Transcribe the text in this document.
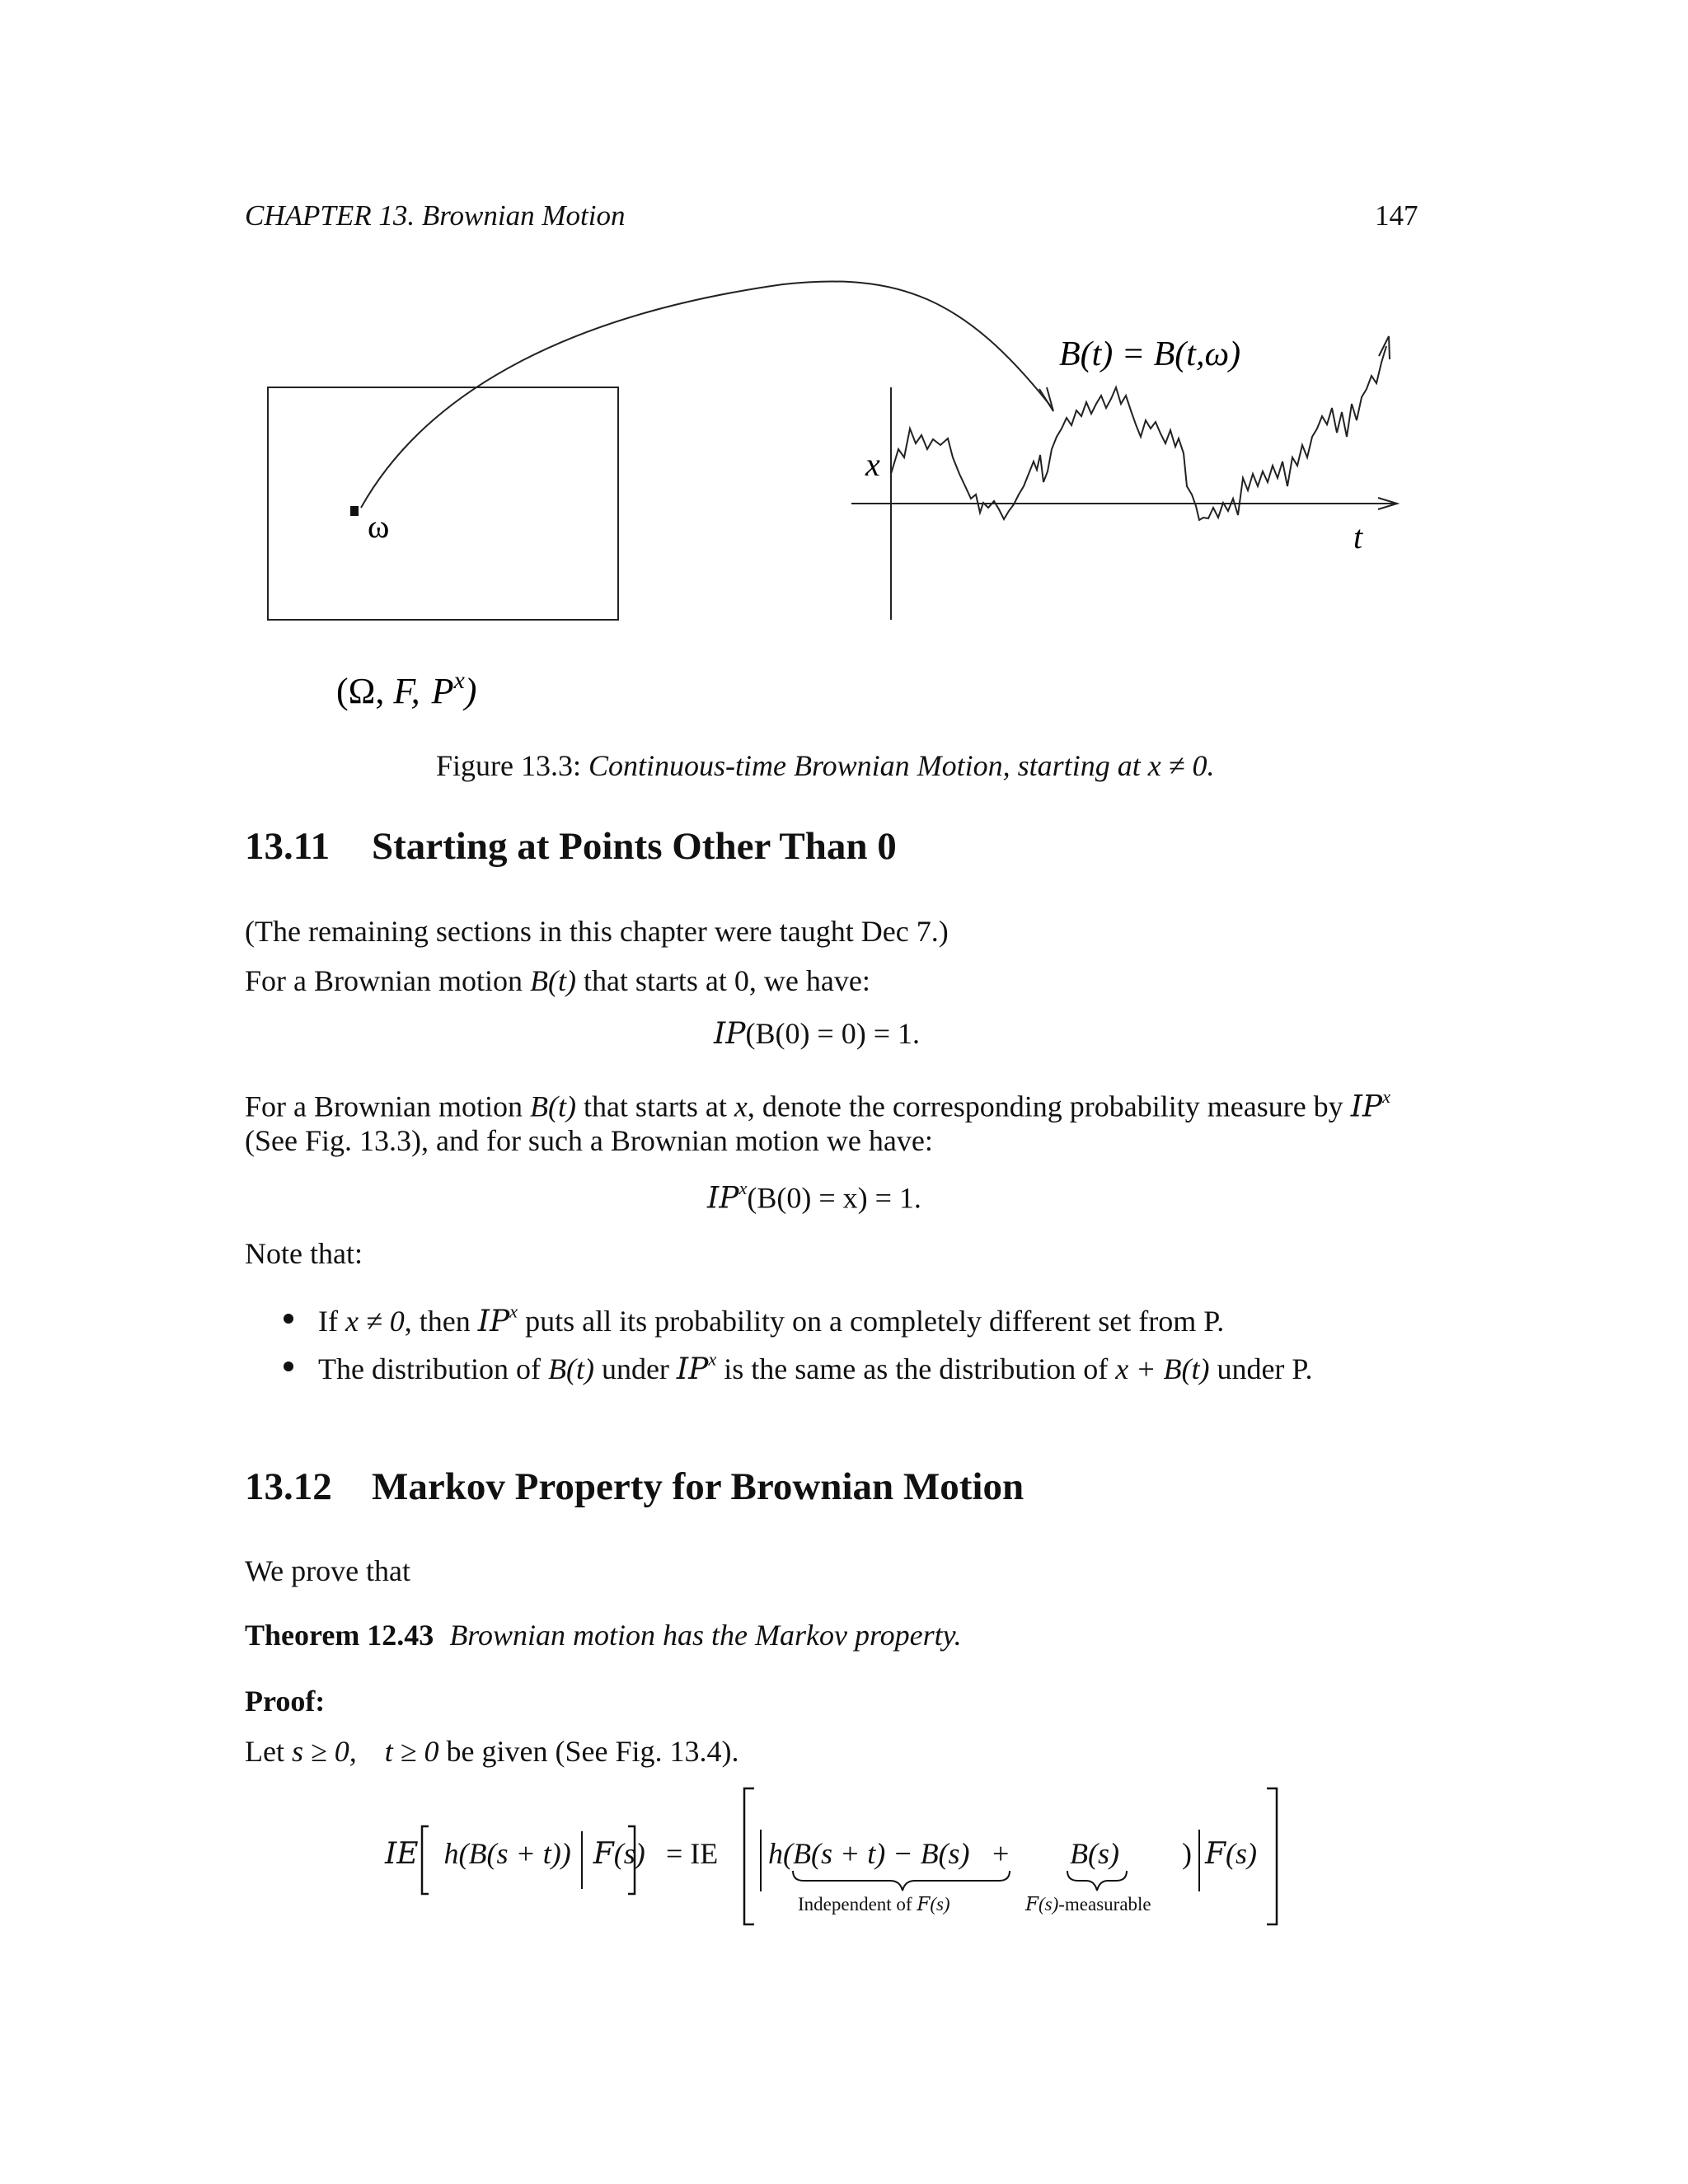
CHAPTER 13. Brownian Motion	147
ω
(Ω, F, $P^x$)
x
t
B(t) = B(t,ω)
Figure 13.3: Continuous-time Brownian Motion, starting at x ≠ 0.
13.11 Starting at Points Other Than 0
(The remaining sections in this chapter were taught Dec 7.)
For a Brownian motion B(t) that starts at 0, we have:
IP(B(0) = 0) = 1.
For a Brownian motion B(t) that starts at x, denote the corresponding probability measure by $IP^x$
(See Fig. 13.3), and for such a Brownian motion we have:
$IP^x(B(0) = x) = 1$.
Note that:
If x ≠ 0, then $IP^x$ puts all its probability on a completely different set from P.
The distribution of B(t) under $IP^x$ is the same as the distribution of x + B(t) under P.
13.12 Markov Property for Brownian Motion
We prove that
Theorem 12.43 Brownian motion has the Markov property.
Proof:
Let s ≥ 0, t ≥ 0 be given (See Fig. 13.4).
IE h(B(s + t)) F(s) = IE h( B(s + t) − B(s) + B(s) ) F(s)
Independent of F(s)	F(s)-measurable
